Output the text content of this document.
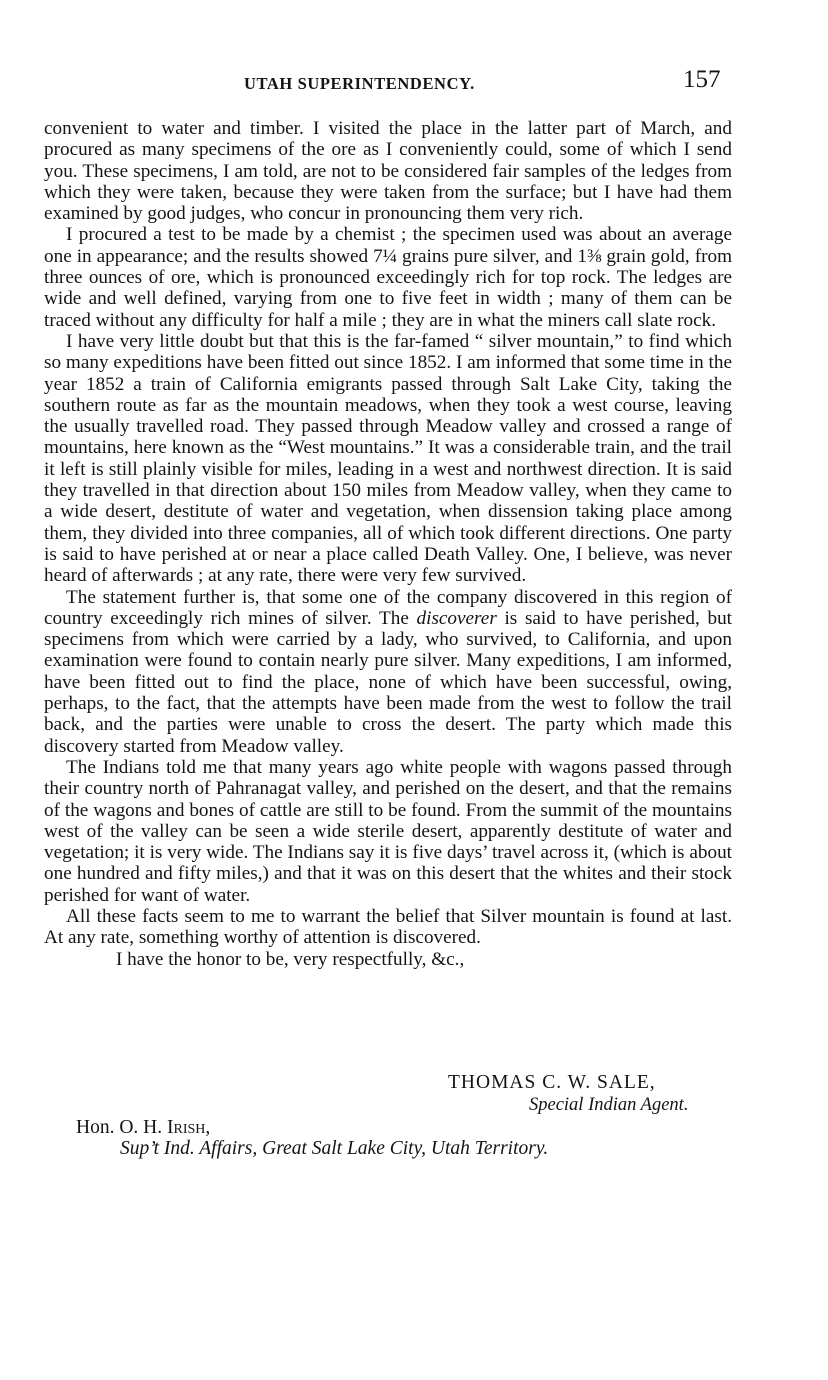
UTAH SUPERINTENDENCY.	157

convenient to water and timber. I visited the place in the latter part of March, and procured as many specimens of the ore as I conveniently could, some of which I send you. These specimens, I am told, are not to be considered fair samples of the ledges from which they were taken, because they were taken from the surface; but I have had them examined by good judges, who concur in pronouncing them very rich.

I procured a test to be made by a chemist ; the specimen used was about an average one in appearance; and the results showed 7¼ grains pure silver, and 1⅜ grain gold, from three ounces of ore, which is pronounced exceedingly rich for top rock. The ledges are wide and well defined, varying from one to five feet in width ; many of them can be traced without any difficulty for half a mile ; they are in what the miners call slate rock.

I have very little doubt but that this is the far-famed “ silver mountain,” to find which so many expeditions have been fitted out since 1852. I am informed that some time in the year 1852 a train of California emigrants passed through Salt Lake City, taking the southern route as far as the mountain meadows, when they took a west course, leaving the usually travelled road. They passed through Meadow valley and crossed a range of mountains, here known as the “West mountains.” It was a considerable train, and the trail it left is still plainly visible for miles, leading in a west and northwest direction. It is said they travelled in that direction about 150 miles from Meadow valley, when they came to a wide desert, destitute of water and vegetation, when dissension taking place among them, they divided into three companies, all of which took different directions. One party is said to have perished at or near a place called Death Valley. One, I believe, was never heard of afterwards ; at any rate, there were very few survived.

The statement further is, that some one of the company discovered in this region of country exceedingly rich mines of silver. The discoverer is said to have perished, but specimens from which were carried by a lady, who survived, to California, and upon examination were found to contain nearly pure silver. Many expeditions, I am informed, have been fitted out to find the place, none of which have been successful, owing, perhaps, to the fact, that the attempts have been made from the west to follow the trail back, and the parties were unable to cross the desert. The party which made this discovery started from Meadow valley.

The Indians told me that many years ago white people with wagons passed through their country north of Pahranagat valley, and perished on the desert, and that the remains of the wagons and bones of cattle are still to be found. From the summit of the mountains west of the valley can be seen a wide sterile desert, apparently destitute of water and vegetation; it is very wide. The Indians say it is five days’ travel across it, (which is about one hundred and fifty miles,) and that it was on this desert that the whites and their stock perished for want of water.

All these facts seem to me to warrant the belief that Silver mountain is found at last. At any rate, something worthy of attention is discovered.

I have the honor to be, very respectfully, &c.,

THOMAS C. W. SALE,
Special Indian Agent.
Hon. O. H. Irish,
Sup’t Ind. Affairs, Great Salt Lake City, Utah Territory.
